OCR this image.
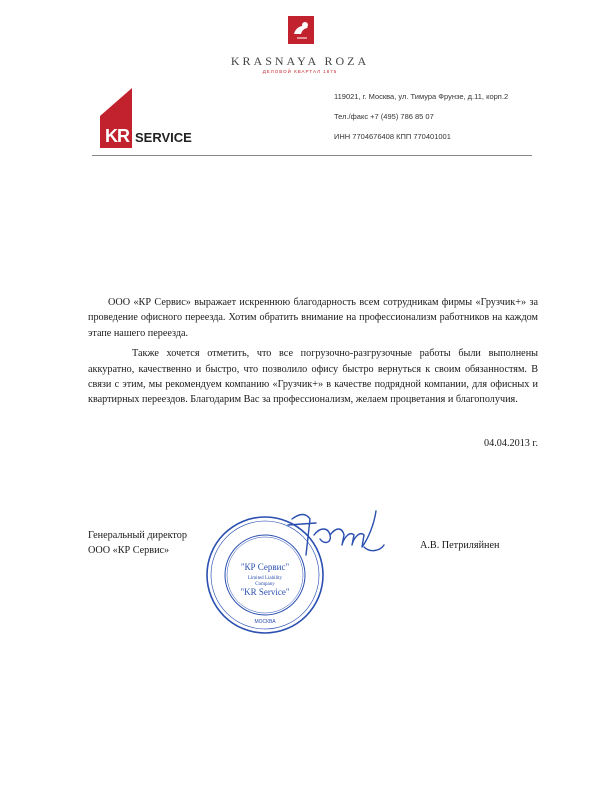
KRASNAYA ROZA
ДЕЛОВОЙ КВАРТАЛ 1875
KR SERVICE
119021, г. Москва, ул. Тимура Фрунзе, д.11, корп.2
Тел./факс +7 (495) 786 85 07
ИНН 7704676408 КПП 770401001

ООО «КР Сервис» выражает искреннюю благодарность всем сотрудникам фирмы «Грузчик+» за проведение офисного переезда. Хотим обратить внимание на профессионализм работников на каждом этапе нашего переезда.

Также хочется отметить, что все погрузочно-разгрузочные работы были выполнены аккуратно, качественно и быстро, что позволило офису быстро вернуться к своим обязанностям. В связи с этим, мы рекомендуем компанию «Грузчик+» в качестве подрядной компании, для офисных и квартирных переездов. Благодарим Вас за профессионализм, желаем процветания и благополучия.

04.04.2013 г.
Генеральный директор
ООО «КР Сервис»
"КР Сервис"
Limited Liability
Company
"KR Service"
МОСКВА
А.В. Петриляйнен
